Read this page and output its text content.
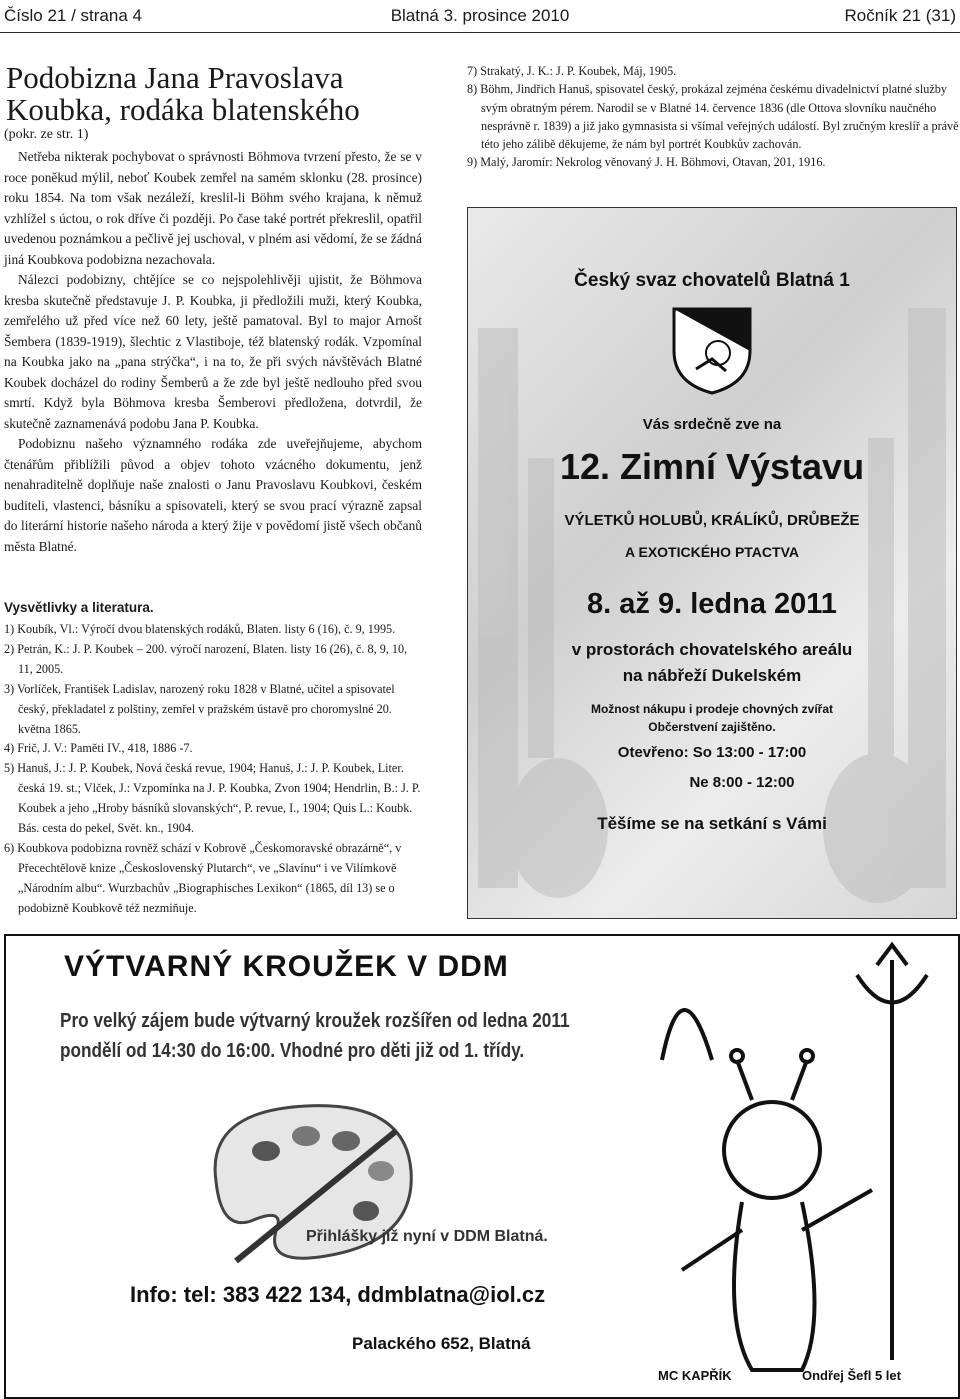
Číslo 21 / strana 4	Blatná 3. prosince 2010	Ročník 21 (31)
Podobizna Jana Pravoslava Koubka, rodáka blatenského
(pokr. ze str. 1)

Netřeba nikterak pochybovat o správnosti Böhmova tvrzení přesto, že se v roce poněkud mýlil, neboť Koubek zemřel na samém sklonku (28. prosince) roku 1854. Na tom však nezáleží, kreslil-li Böhm svého krajana, k němuž vzhlížel s úctou, o rok dříve či později. Po čase také portrét překreslil, opatřil uvedenou poznámkou a pečlivě jej uschoval, v plném asi vědomí, že se žádná jiná Koubkova podobizna nezachovala.

Nálezci podobizny, chtějíce se co nejspolehlivěji ujistit, že Böhmova kresba skutečně představuje J. P. Koubka, ji předložili muži, který Koubka, zemřelého už před více než 60 lety, ještě pamatoval. Byl to major Arnošt Šembera (1839-1919), šlechtic z Vlastiboje, též blatenský rodák. Vzpomínal na Koubka jako na „pana strýčka“, i na to, že při svých návštěvách Blatné Koubek docházel do rodiny Šemberů a že zde byl ještě nedlouho před svou smrtí. Když byla Böhmova kresba Šemberovi předložena, dotvrdil, že skutečně zaznamenává podobu Jana P. Koubka.

Podobiznu našeho významného rodáka zde uveřejňujeme, abychom čtenářům přiblížili původ a objev tohoto vzácného dokumentu, jenž nenahraditelně doplňuje naše znalosti o Janu Pravoslavu Koubkovi, českém buditeli, vlastenci, básníku a spisovateli, který se svou prací výrazně zapsal do literární historie našeho národa a který žije v povědomí jistě všech občanů města Blatné.

Vysvětlivky a literatura.
1) Koubík, Vl.: Výročí dvou blatenských rodáků, Blaten. listy 6 (16), č. 9, 1995.
2) Petrán, K.: J. P. Koubek – 200. výročí narození, Blaten. listy 16 (26), č. 8, 9, 10, 11, 2005.
3) Vorlíček, František Ladislav, narozený roku 1828 v Blatné, učitel a spisovatel český, překladatel z polštiny, zemřel v pražském ústavě pro choromyslné 20. května 1865.
4) Frič, J. V.: Paměti IV., 418, 1886 -7.
5) Hanuš, J.: J. P. Koubek, Nová česká revue, 1904; Hanuš, J.: J. P. Koubek, Liter. česká 19. st.; Vlček, J.: Vzpomínka na J. P. Koubka, Zvon 1904; Hendrlin, B.: J. P. Koubek a jeho „Hroby básníků slovanských“, P. revue, I., 1904; Quis L.: Koubk. Bás. cesta do pekel, Svět. kn., 1904.
6) Koubkova podobizna rovněž schází v Kobrově „Českomoravské obrazárně“, v Přecechtělově knize „Československý Plutarch“, ve „Slavínu“ i ve Vilímkově „Národním albu“. Wurzbachův „Biographisches Lexikon“ (1865, díl 13) se o podobizně Koubkově též nezmiňuje.
7) Strakatý, J. K.: J. P. Koubek, Máj, 1905.
8) Böhm, Jindřich Hanuš, spisovatel český, prokázal zejména českému divadelnictví platné služby svým obratným pérem. Narodil se v Blatné 14. července 1836 (dle Ottova slovníku naučného nesprávně r. 1839) a již jako gymnasista si všímal veřejných událostí. Byl zručným kreslíř a právě této jeho zálibě děkujeme, že nám byl portrét Koubkův zachován.
9) Malý, Jaromír: Nekrolog věnovaný J. H. Böhmovi, Otavan, 201, 1916.
Český svaz chovatelů Blatná 1
Vás srdečně zve na
12. Zimní Výstavu
VÝLETKŮ HOLUBŮ, KRÁLÍKŮ, DRŮBEŽE
A EXOTICKÉHO PTACTVA
8. až 9. ledna 2011
v prostorách chovatelského areálu
na nábřeží Dukelském
Možnost nákupu i prodeje chovných zvířat
Občerstvení zajištěno.
Otevřeno: So 13:00 - 17:00
Ne 8:00 - 12:00
Těšíme se na setkání s Vámi
VÝTVARNÝ KROUŽEK V DDM
Pro velký zájem bude výtvarný kroužek rozšířen od ledna 2011
pondělí od 14:30 do 16:00. Vhodné pro děti již od 1. třídy.
Přihlášky již nyní v DDM Blatná.
Info: tel: 383 422 134, ddmblatna@iol.cz
Palackého 652, Blatná
MC KAPŘÍK	Ondřej Šefl 5 let
